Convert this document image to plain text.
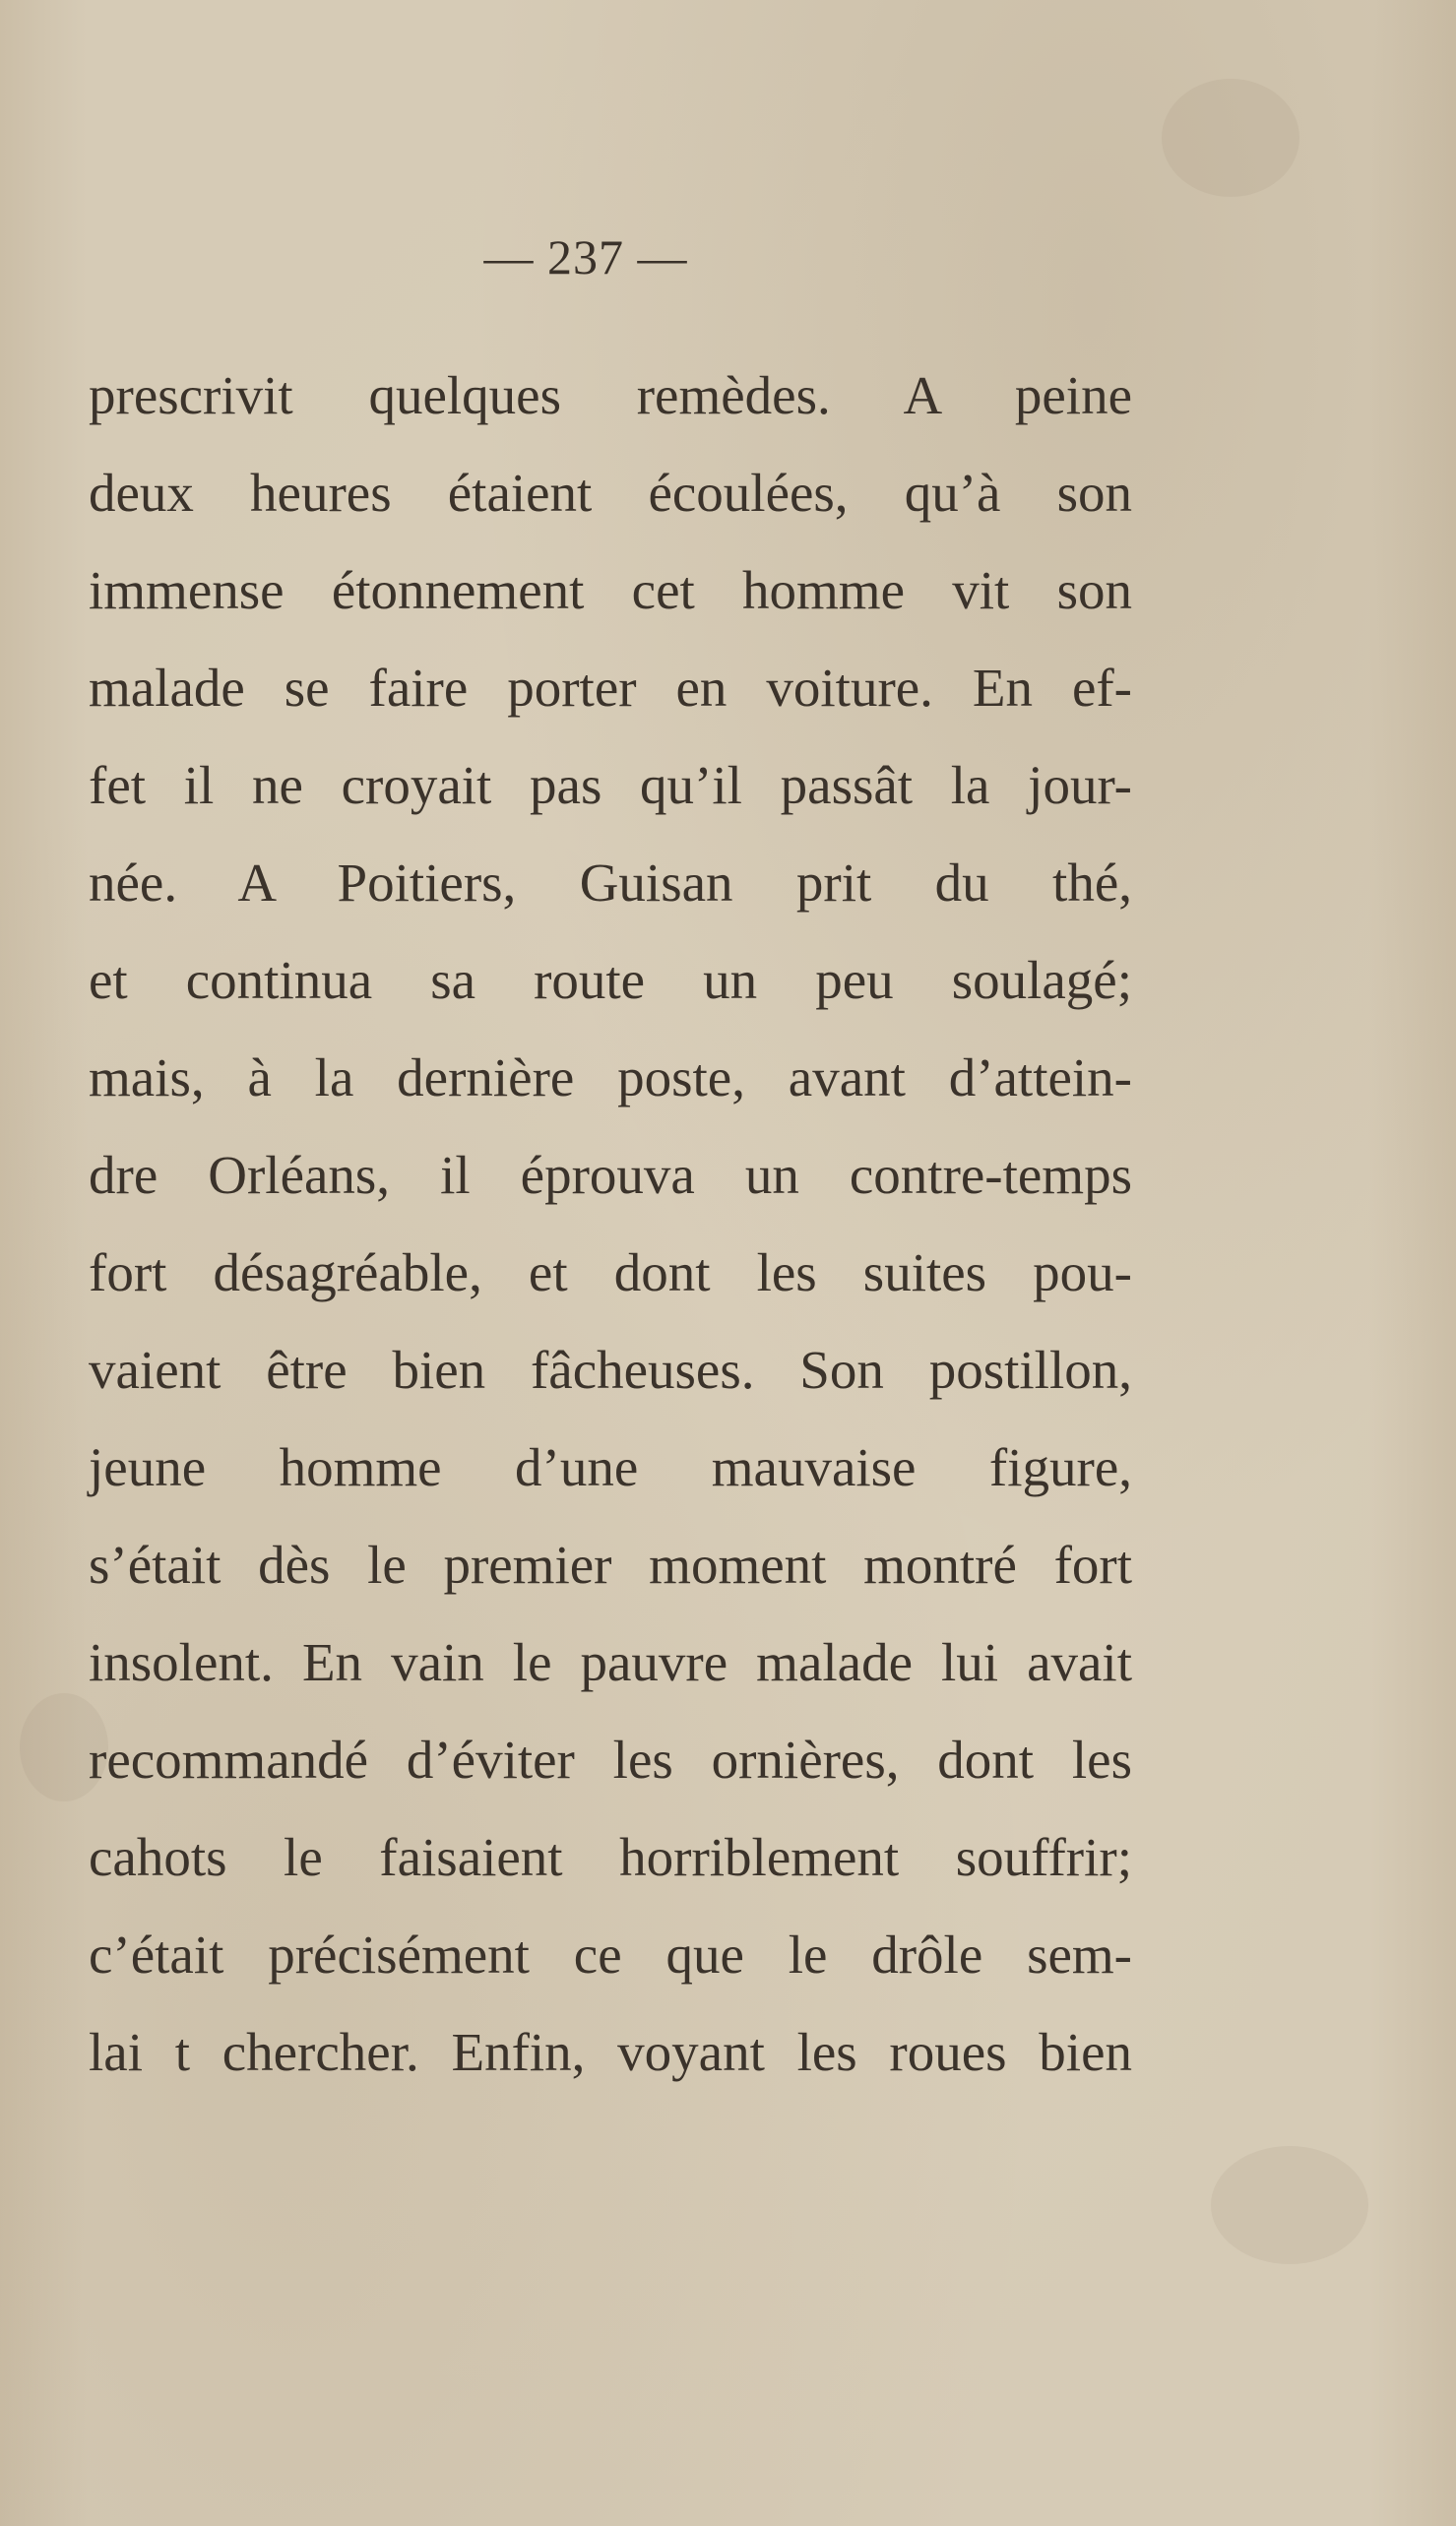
— 237 —
prescrivit quelques remèdes. A peine
deux heures étaient écoulées, qu’à son
immense étonnement cet homme vit son
malade se faire porter en voiture. En ef-
fet il ne croyait pas qu’il passât la jour-
née. A Poitiers, Guisan prit du thé,
et continua sa route un peu soulagé;
mais, à la dernière poste, avant d’attein-
dre Orléans, il éprouva un contre-temps
fort désagréable, et dont les suites pou-
vaient être bien fâcheuses. Son postillon,
jeune homme d’une mauvaise figure,
s’était dès le premier moment montré fort
insolent. En vain le pauvre malade lui avait
recommandé d’éviter les ornières, dont les
cahots le faisaient horriblement souffrir;
c’était précisément ce que le drôle sem-
lai t chercher. Enfin, voyant les roues bien
